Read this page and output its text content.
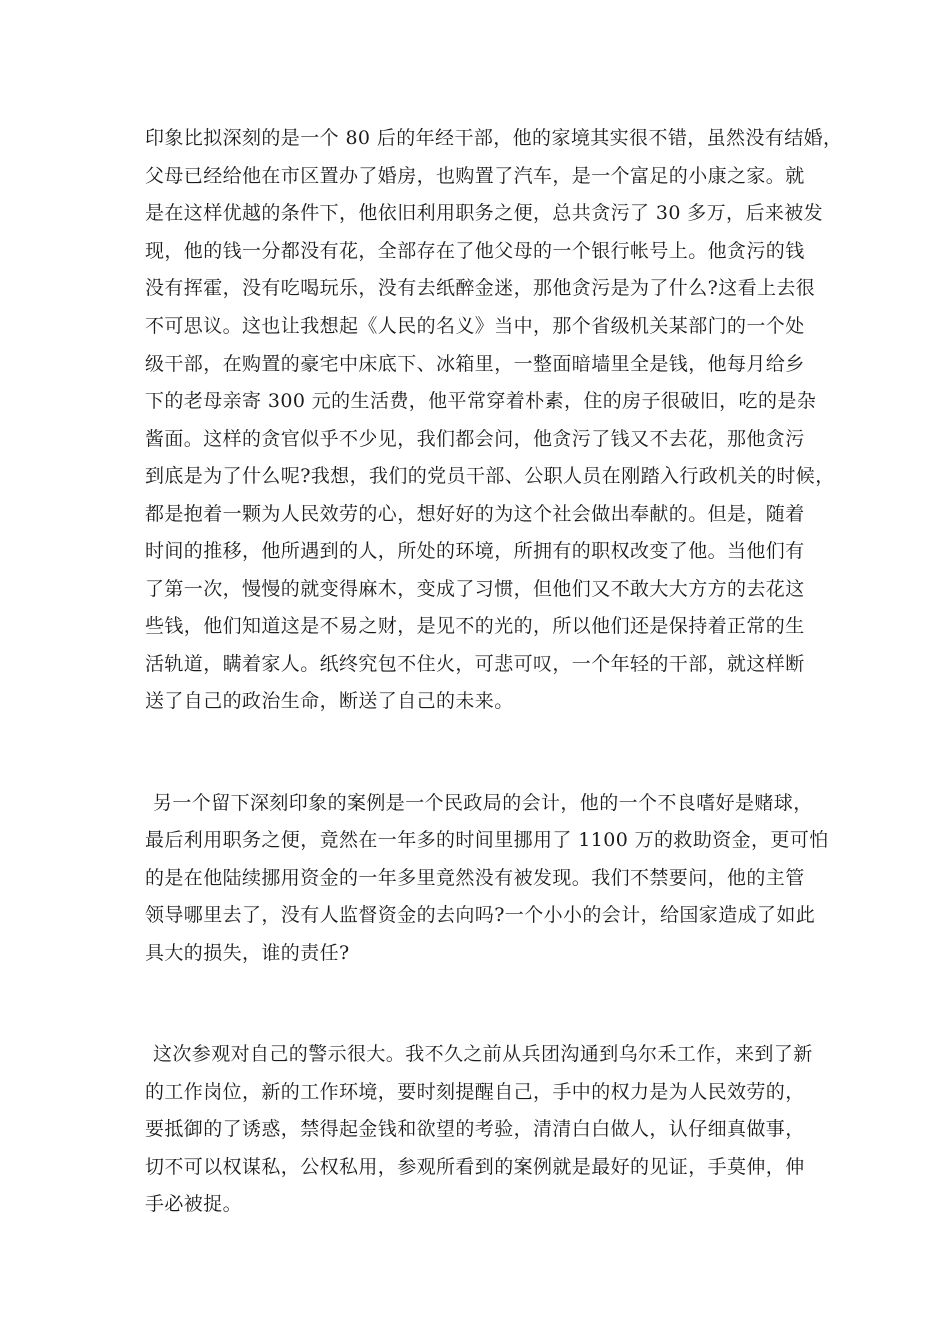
印象比拟深刻的是一个 80 后的年经干部，他的家境其实很不错，虽然没有结婚，
父母已经给他在市区置办了婚房，也购置了汽车，是一个富足的小康之家。就
是在这样优越的条件下，他依旧利用职务之便，总共贪污了 30 多万，后来被发
现，他的钱一分都没有花，全部存在了他父母的一个银行帐号上。他贪污的钱
没有挥霍，没有吃喝玩乐，没有去纸醉金迷，那他贪污是为了什么?这看上去很
不可思议。这也让我想起《人民的名义》当中，那个省级机关某部门的一个处
级干部，在购置的豪宅中床底下、冰箱里，一整面暗墙里全是钱，他每月给乡
下的老母亲寄 300 元的生活费，他平常穿着朴素，住的房子很破旧，吃的是杂
酱面。这样的贪官似乎不少见，我们都会问，他贪污了钱又不去花，那他贪污
到底是为了什么呢?我想，我们的党员干部、公职人员在刚踏入行政机关的时候，
都是抱着一颗为人民效劳的心，想好好的为这个社会做出奉献的。但是，随着
时间的推移，他所遇到的人，所处的环境，所拥有的职权改变了他。当他们有
了第一次，慢慢的就变得麻木，变成了习惯，但他们又不敢大大方方的去花这
些钱，他们知道这是不易之财，是见不的光的，所以他们还是保持着正常的生
活轨道，瞒着家人。纸终究包不住火，可悲可叹，一个年轻的干部，就这样断
送了自己的政治生命，断送了自己的未来。
另一个留下深刻印象的案例是一个民政局的会计，他的一个不良嗜好是赌球，
最后利用职务之便，竟然在一年多的时间里挪用了 1100 万的救助资金，更可怕
的是在他陆续挪用资金的一年多里竟然没有被发现。我们不禁要问，他的主管
领导哪里去了，没有人监督资金的去向吗?一个小小的会计，给国家造成了如此
具大的损失，谁的责任?
这次参观对自己的警示很大。我不久之前从兵团沟通到乌尔禾工作，来到了新
的工作岗位，新的工作环境，要时刻提醒自己，手中的权力是为人民效劳的，
要抵御的了诱惑，禁得起金钱和欲望的考验，清清白白做人，认仔细真做事，
切不可以权谋私，公权私用，参观所看到的案例就是最好的见证，手莫伸，伸
手必被捉。
